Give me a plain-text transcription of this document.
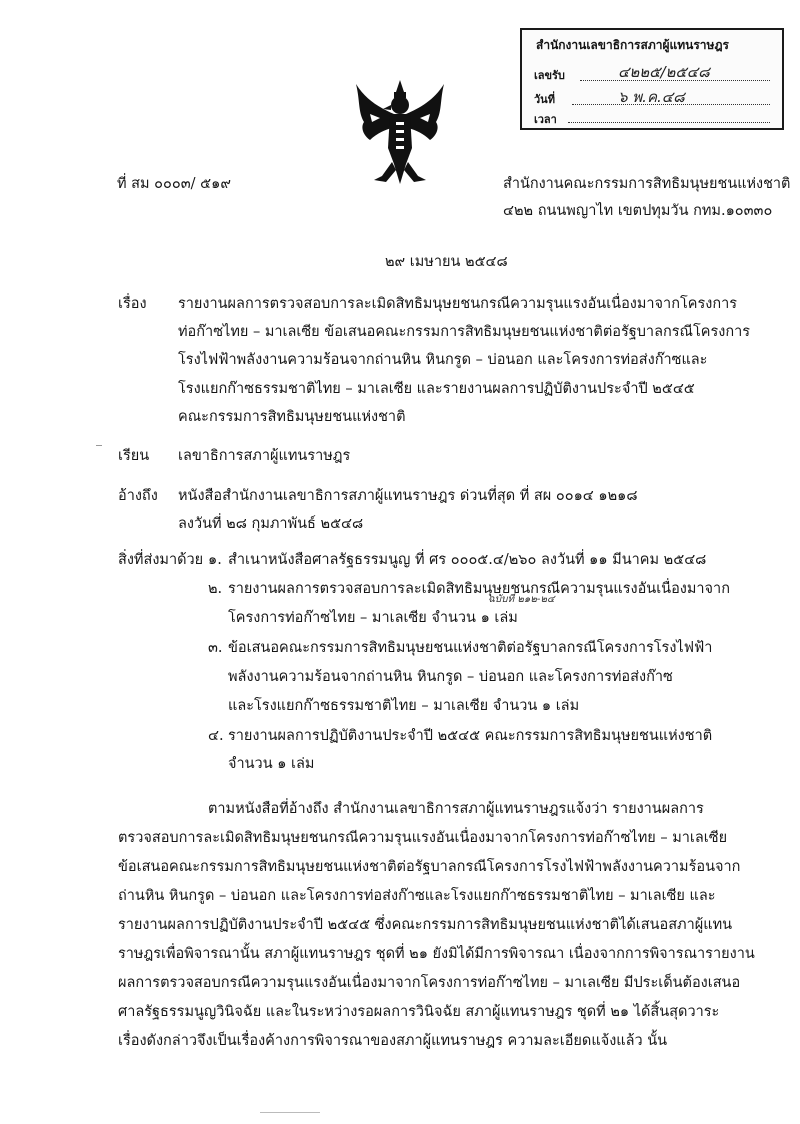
สำนักงานเลขาธิการสภาผู้แทนราษฎร
เลขรับ	๔๒๒๕/๒๕๔๘
วันที่	๖ พ.ค.๔๘
เวลา
ที่ สม ๐๐๐๓/ ๕๑๙	สำนักงานคณะกรรมการสิทธิมนุษยชนแห่งชาติ
๔๒๒ ถนนพญาไท เขตปทุมวัน กทม.๑๐๓๓๐
๒๙ เมษายน ๒๕๔๘
เรื่อง รายงานผลการตรวจสอบการละเมิดสิทธิมนุษยชนกรณีความรุนแรงอันเนื่องมาจากโครงการ
ท่อก๊าซไทย – มาเลเซีย ข้อเสนอคณะกรรมการสิทธิมนุษยชนแห่งชาติต่อรัฐบาลกรณีโครงการ
โรงไฟฟ้าพลังงานความร้อนจากถ่านหิน หินกรูด – บ่อนอก และโครงการท่อส่งก๊าซและ
โรงแยกก๊าซธรรมชาติไทย – มาเลเซีย และรายงานผลการปฏิบัติงานประจำปี ๒๕๔๕
คณะกรรมการสิทธิมนุษยชนแห่งชาติ
เรียน เลขาธิการสภาผู้แทนราษฎร
อ้างถึง หนังสือสำนักงานเลขาธิการสภาผู้แทนราษฎร ด่วนที่สุด ที่ สผ ๐๐๑๔ ๑๒๑๘
ลงวันที่ ๒๘ กุมภาพันธ์ ๒๕๔๘
สิ่งที่ส่งมาด้วย ๑. สำเนาหนังสือศาลรัฐธรรมนูญ ที่ ศร ๐๐๐๕.๔/๒๖๐ ลงวันที่ ๑๑ มีนาคม ๒๕๔๘
๒. รายงานผลการตรวจสอบการละเมิดสิทธิมนุษยชนกรณีความรุนแรงอันเนื่องมาจาก
โครงการท่อก๊าซไทย – มาเลเซีย จำนวน ๑ เล่ม
ฉบับที่ ๒๑๒-๒๔
๓. ข้อเสนอคณะกรรมการสิทธิมนุษยชนแห่งชาติต่อรัฐบาลกรณีโครงการโรงไฟฟ้า
พลังงานความร้อนจากถ่านหิน หินกรูด – บ่อนอก และโครงการท่อส่งก๊าซ
และโรงแยกก๊าซธรรมชาติไทย – มาเลเซีย จำนวน ๑ เล่ม
๔. รายงานผลการปฏิบัติงานประจำปี ๒๕๔๕ คณะกรรมการสิทธิมนุษยชนแห่งชาติ
จำนวน ๑ เล่ม
ตามหนังสือที่อ้างถึง สำนักงานเลขาธิการสภาผู้แทนราษฎรแจ้งว่า รายงานผลการ
ตรวจสอบการละเมิดสิทธิมนุษยชนกรณีความรุนแรงอันเนื่องมาจากโครงการท่อก๊าซไทย – มาเลเซีย
ข้อเสนอคณะกรรมการสิทธิมนุษยชนแห่งชาติต่อรัฐบาลกรณีโครงการโรงไฟฟ้าพลังงานความร้อนจาก
ถ่านหิน หินกรูด – บ่อนอก และโครงการท่อส่งก๊าซและโรงแยกก๊าซธรรมชาติไทย – มาเลเซีย และ
รายงานผลการปฏิบัติงานประจำปี ๒๕๔๕ ซึ่งคณะกรรมการสิทธิมนุษยชนแห่งชาติได้เสนอสภาผู้แทน
ราษฎรเพื่อพิจารณานั้น สภาผู้แทนราษฎร ชุดที่ ๒๑ ยังมิได้มีการพิจารณา เนื่องจากการพิจารณารายงาน
ผลการตรวจสอบกรณีความรุนแรงอันเนื่องมาจากโครงการท่อก๊าซไทย – มาเลเซีย มีประเด็นต้องเสนอ
ศาลรัฐธรรมนูญวินิจฉัย และในระหว่างรอผลการวินิจฉัย สภาผู้แทนราษฎร ชุดที่ ๒๑ ได้สิ้นสุดวาระ
เรื่องดังกล่าวจึงเป็นเรื่องค้างการพิจารณาของสภาผู้แทนราษฎร ความละเอียดแจ้งแล้ว นั้น
